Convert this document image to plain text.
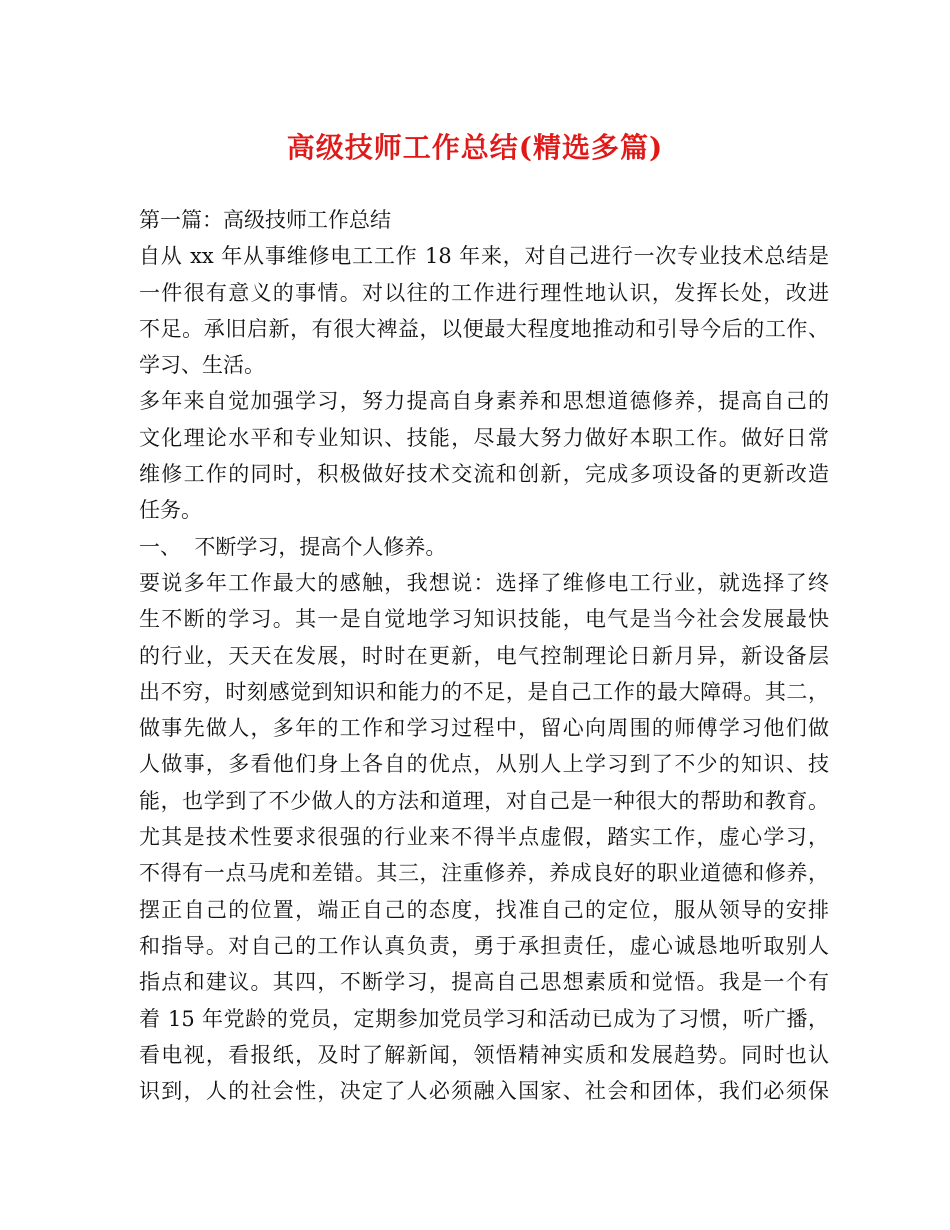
高级技师工作总结(精选多篇)
第一篇：高级技师工作总结
自从 xx 年从事维修电工工作 18 年来，对自己进行一次专业技术总结是
一件很有意义的事情。对以往的工作进行理性地认识，发挥长处，改进
不足。承旧启新，有很大裨益，以便最大程度地推动和引导今后的工作、
学习、生活。
多年来自觉加强学习，努力提高自身素养和思想道德修养，提高自己的
文化理论水平和专业知识、技能，尽最大努力做好本职工作。做好日常
维修工作的同时，积极做好技术交流和创新，完成多项设备的更新改造
任务。
一、  不断学习，提高个人修养。
要说多年工作最大的感触，我想说：选择了维修电工行业，就选择了终
生不断的学习。其一是自觉地学习知识技能，电气是当今社会发展最快
的行业，天天在发展，时时在更新，电气控制理论日新月异，新设备层
出不穷，时刻感觉到知识和能力的不足，是自己工作的最大障碍。其二，
做事先做人，多年的工作和学习过程中，留心向周围的师傅学习他们做
人做事，多看他们身上各自的优点，从别人上学习到了不少的知识、技
能，也学到了不少做人的方法和道理，对自己是一种很大的帮助和教育。
尤其是技术性要求很强的行业来不得半点虚假，踏实工作，虚心学习，
不得有一点马虎和差错。其三，注重修养，养成良好的职业道德和修养，
摆正自己的位置，端正自己的态度，找准自己的定位，服从领导的安排
和指导。对自己的工作认真负责，勇于承担责任，虚心诚恳地听取别人
指点和建议。其四，不断学习，提高自己思想素质和觉悟。我是一个有
着 15 年党龄的党员，定期参加党员学习和活动已成为了习惯，听广播，
看电视，看报纸，及时了解新闻，领悟精神实质和发展趋势。同时也认
识到，人的社会性，决定了人必须融入国家、社会和团体，我们必须保
